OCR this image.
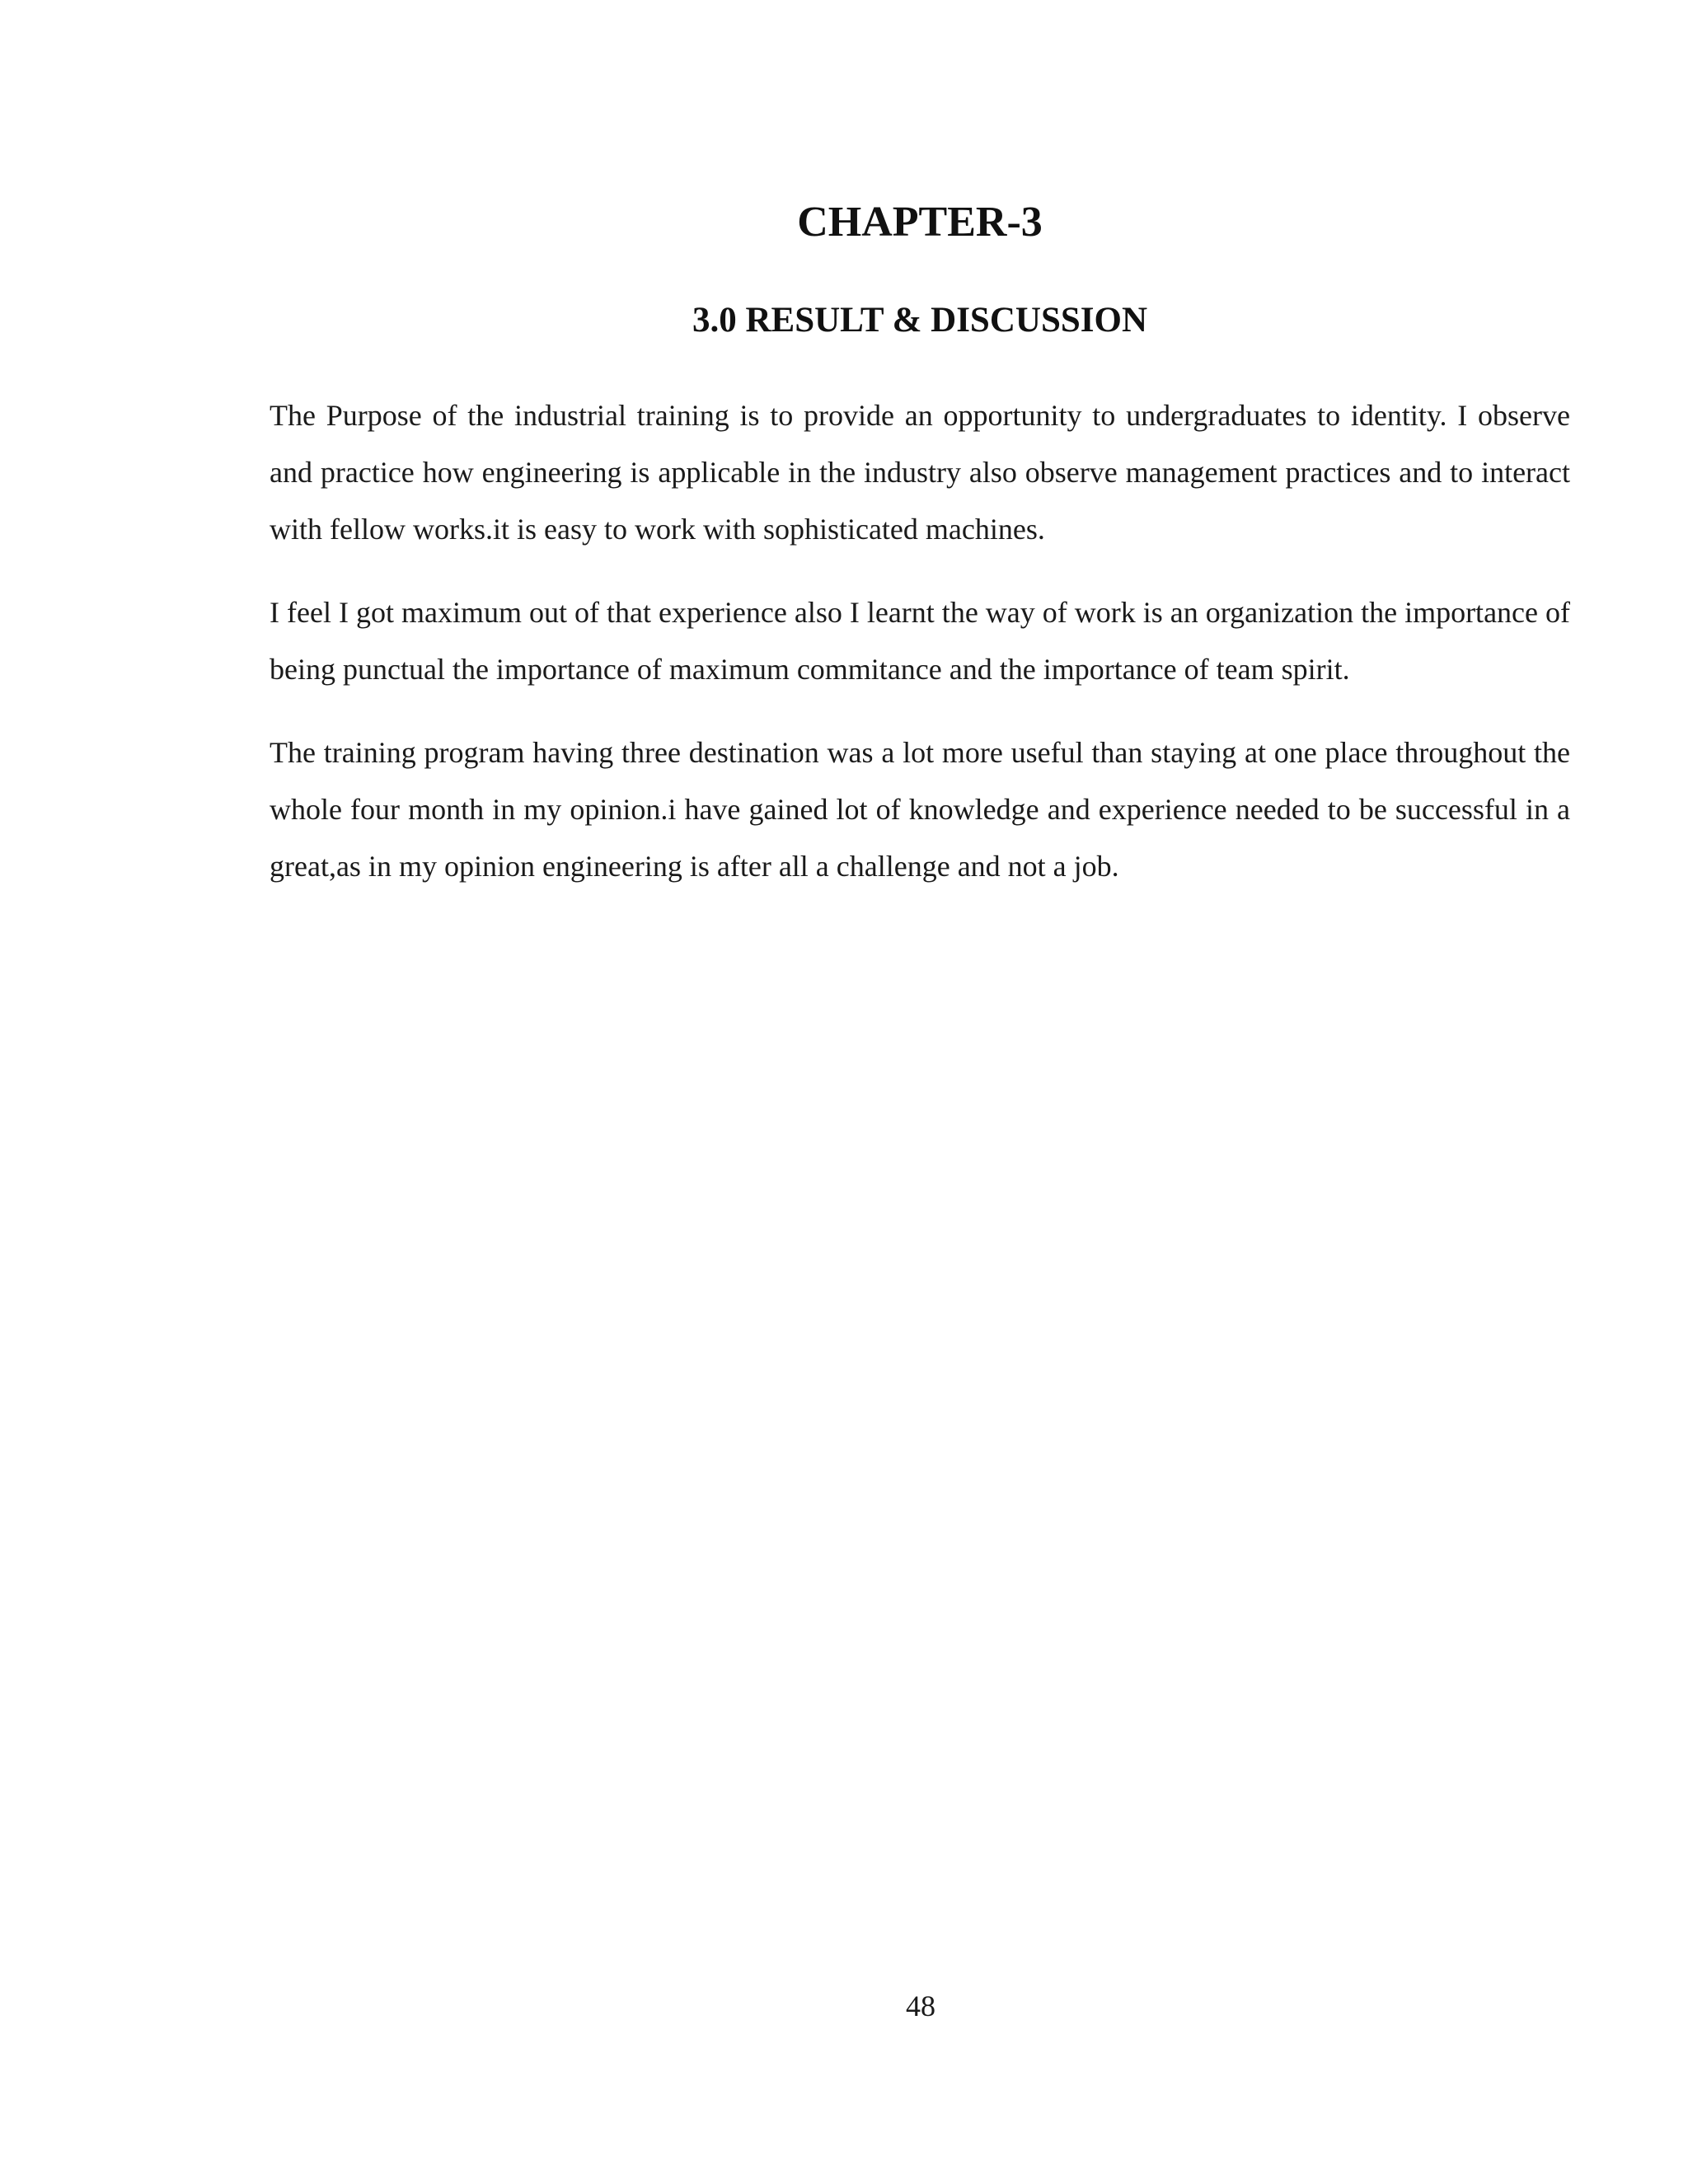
CHAPTER-3
3.0 RESULT & DISCUSSION

The Purpose of the industrial training is to provide an opportunity to undergraduates to identity. I observe and practice how engineering is applicable in the industry also observe management practices and to interact with fellow works.it is easy to work with sophisticated machines.

I feel I got maximum out of that experience also I learnt the way of work is an organization the importance of being punctual the importance of maximum commitance and the importance of team spirit.

The training program having three destination was a lot more useful than staying at one place throughout the whole four month in my opinion.i have gained lot of knowledge and experience needed to be successful in a great,as in my opinion engineering is after all a challenge and not a job.

48
